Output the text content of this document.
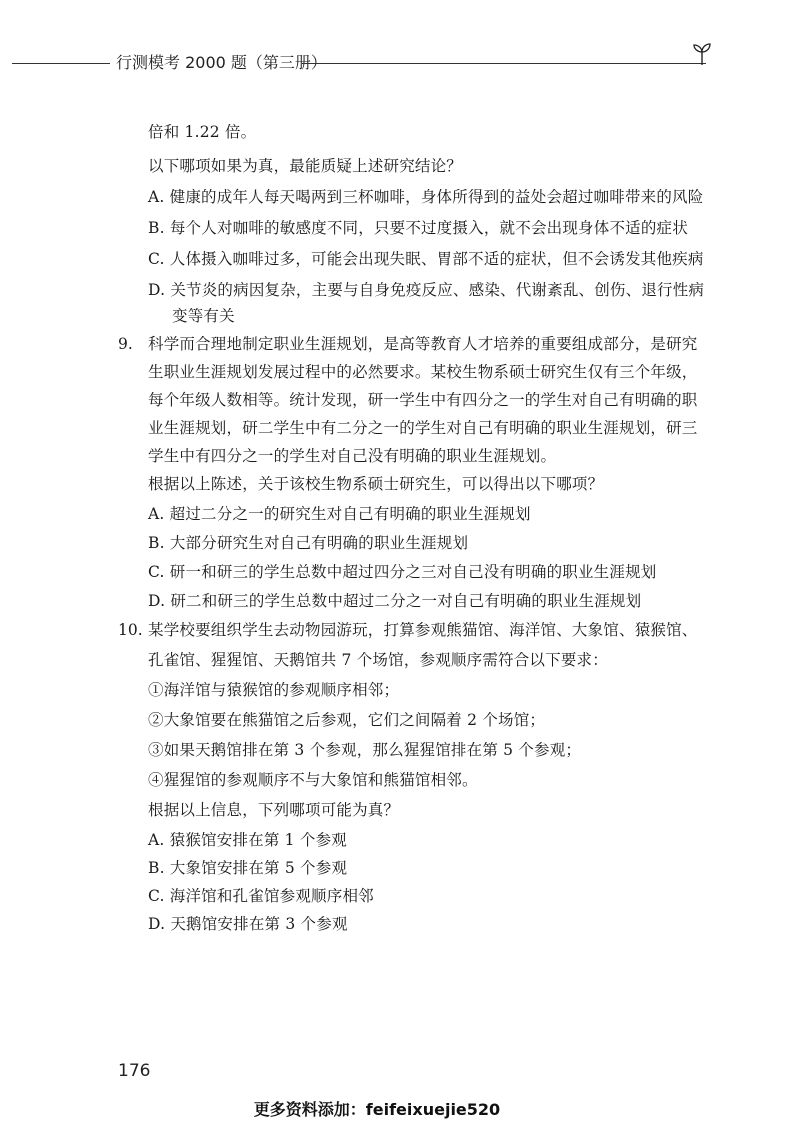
行测模考 2000 题（第三册）
倍和 1.22 倍。
以下哪项如果为真，最能质疑上述研究结论？
A. 健康的成年人每天喝两到三杯咖啡，身体所得到的益处会超过咖啡带来的风险
B. 每个人对咖啡的敏感度不同，只要不过度摄入，就不会出现身体不适的症状
C. 人体摄入咖啡过多，可能会出现失眠、胃部不适的症状，但不会诱发其他疾病
D. 关节炎的病因复杂，主要与自身免疫反应、感染、代谢紊乱、创伤、退行性病
变等有关
9. 科学而合理地制定职业生涯规划，是高等教育人才培养的重要组成部分，是研究
生职业生涯规划发展过程中的必然要求。某校生物系硕士研究生仅有三个年级，
每个年级人数相等。统计发现，研一学生中有四分之一的学生对自己有明确的职
业生涯规划，研二学生中有二分之一的学生对自己有明确的职业生涯规划，研三
学生中有四分之一的学生对自己没有明确的职业生涯规划。
根据以上陈述，关于该校生物系硕士研究生，可以得出以下哪项？
A. 超过二分之一的研究生对自己有明确的职业生涯规划
B. 大部分研究生对自己有明确的职业生涯规划
C. 研一和研三的学生总数中超过四分之三对自己没有明确的职业生涯规划
D. 研二和研三的学生总数中超过二分之一对自己有明确的职业生涯规划
10. 某学校要组织学生去动物园游玩，打算参观熊猫馆、海洋馆、大象馆、猿猴馆、
孔雀馆、猩猩馆、天鹅馆共 7 个场馆，参观顺序需符合以下要求：
①海洋馆与猿猴馆的参观顺序相邻；
②大象馆要在熊猫馆之后参观，它们之间隔着 2 个场馆；
③如果天鹅馆排在第 3 个参观，那么猩猩馆排在第 5 个参观；
④猩猩馆的参观顺序不与大象馆和熊猫馆相邻。
根据以上信息，下列哪项可能为真？
A. 猿猴馆安排在第 1 个参观
B. 大象馆安排在第 5 个参观
C. 海洋馆和孔雀馆参观顺序相邻
D. 天鹅馆安排在第 3 个参观
176
更多资料添加：feifeixuejie520
